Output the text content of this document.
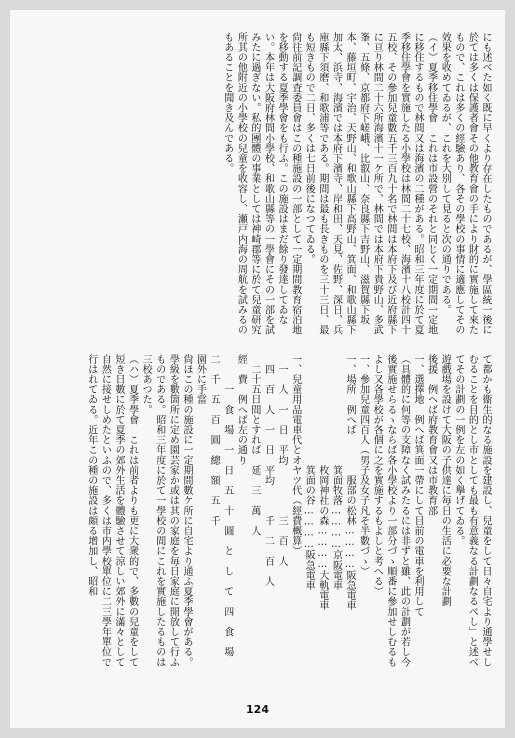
にも述べた如く既に早くより存在したものであるが、學區統一後に於ては多くは保護者會その他教育會の手により財的に實施して來たもので、これは多くの經驗あり、各その學校の事情に適應してその效果を收めてゐるが、これを大別して見ると次の通りである。

（イ）夏季移住學會　これは市設營のそれと同じく一定期間一定地に移住するもので林間又は海濱の二種がある。昭和三年度に於て夏季移住學會を實施したる小學校は林間二十七校、海濱十八校計四十五校、その參加兒童數五千三百九十名で林間は本府下及び近府縣下に亘り林間二十六所海濱十一ケ所で、林間では本府下貴野山、多武峯、五條、京都府下嵯峨、比叡山、奈良縣下吉野山、滋賀縣下坂本、藤垣町、宇治、天野山、和歌山縣下高野山、箕面、和歌山縣下加太、浜寺、海濱では本府下濱寺、岸和田、天見、佐野、深日、兵庫縣下須磨、和歌浦等である。期間は最も長きものを三十三日、最も短きもので二日、多くは七日前後になつてゐる。

尙往前記調査委員會はこの種施設の一部として一定期間教育宿泊地を移動する夏季學會をも行ふ。この施設はまだ餘り發達してゐない。本年は大阪府林間小學校、和歌山縣等の一學會にその一部を試みたに過ぎない。私的團體の事業としては神崎郡等に於て兒童研究所其の他附近の小學校の兒童を收容し、瀬戸内海の周航を試みるのもあることを聞き及んである。

て都かも衞生的なる施設を建設し、兒童をして日々自宅より通學せしむることを目的とし市としても最も有意義なる計劃なるべし」と述べてその計劃の一例を左の如く擧げてゐる。

遊戲場を設けて大阪の子供達に毎日の生活に必要な計劃

後援　例へば府教育會又は市教育部

一、選擇地　例へば箕面一帶にして目前の電車を利用して

（具體的に何等の支障なく試みたるには非ずと雖、此の計劃が若し今後實施せらるゝならば各小學校より一部分づゝ順番に參加せしむるもよし又各學校が各個に之を實施するもよしと考へる）

一、參加兒童四百人（男子及女子凡そ半數づゝ）

一、場所　例へば　　　　服部の松林…………阪急電車

　　　　　　　　　　　箕面牧落…………京阪電車

　　　　　　　　　　　枚岡神社の森…………大軌電車

　　　　　　　　　　　箕面の谷…………阪急電車

一、兒童用品電車代とオヤツ代（經費概算）

　一　人　一　日　平均　　　　　三　百　人

　四　百　人　一　日　平均　　　千　二　百　人

　二十五日間とすれば　延　三　萬　人

經　費　例へば左の通り

　　　一　食　場　一　日　五　十　圓　と　し　て　四　食　場　二　千　五　百　圓　總　額　五　千

園外に手當

尙ほこの種の施設に一定期間數ケ所に自宅より通ふ夏季學會がある。學級を數箇所に定め園芸家か或は其の家庭を毎日家庭に開放して行ふものである。昭和三年度に於て一學校の間にこれを實施したるものは三校あつた。

（ハ）夏季學會　これは前者よりも更に大衆的で、多數の兒童をして短き日數に於て夏季の郊外生活を體驗させて涼しい郊外に滿々として自然に接せしめたといふので、多くは市内學校單位に二三學年單位で行はれてゐる。近年この種の施設は頗る增加し、昭和

124
